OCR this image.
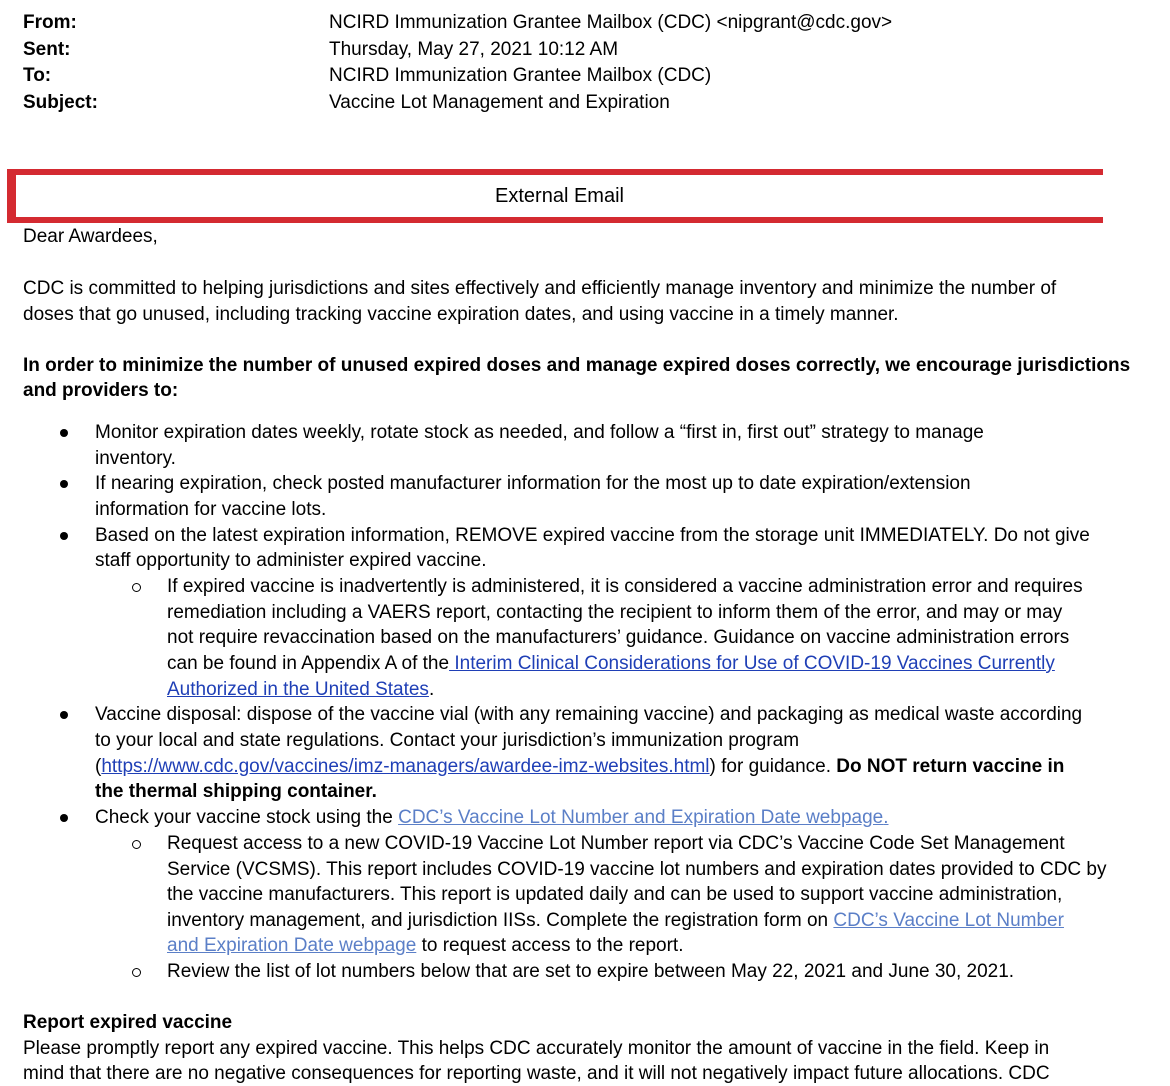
From:	NCIRD Immunization Grantee Mailbox (CDC) <nipgrant@cdc.gov>
Sent:	Thursday, May 27, 2021 10:12 AM
To:	NCIRD Immunization Grantee Mailbox (CDC)
Subject:	Vaccine Lot Management and Expiration
External Email
Dear Awardees,
CDC is committed to helping jurisdictions and sites effectively and efficiently manage inventory and minimize the number of
doses that go unused, including tracking vaccine expiration dates, and using vaccine in a timely manner.
In order to minimize the number of unused expired doses and manage expired doses correctly, we encourage jurisdictions
and providers to:
Monitor expiration dates weekly, rotate stock as needed, and follow a “first in, first out” strategy to manage
inventory.
If nearing expiration, check posted manufacturer information for the most up to date expiration/extension
information for vaccine lots.
Based on the latest expiration information, REMOVE expired vaccine from the storage unit IMMEDIATELY. Do not give
staff opportunity to administer expired vaccine.
If expired vaccine is inadvertently is administered, it is considered a vaccine administration error and requires
remediation including a VAERS report, contacting the recipient to inform them of the error, and may or may
not require revaccination based on the manufacturers’ guidance. Guidance on vaccine administration errors
can be found in Appendix A of the Interim Clinical Considerations for Use of COVID-19 Vaccines Currently
Authorized in the United States.
Vaccine disposal: dispose of the vaccine vial (with any remaining vaccine) and packaging as medical waste according
to your local and state regulations. Contact your jurisdiction’s immunization program
(https://www.cdc.gov/vaccines/imz-managers/awardee-imz-websites.html) for guidance. Do NOT return vaccine in
the thermal shipping container.
Check your vaccine stock using the CDC’s Vaccine Lot Number and Expiration Date webpage.
Request access to a new COVID-19 Vaccine Lot Number report via CDC’s Vaccine Code Set Management
Service (VCSMS). This report includes COVID-19 vaccine lot numbers and expiration dates provided to CDC by
the vaccine manufacturers. This report is updated daily and can be used to support vaccine administration,
inventory management, and jurisdiction IISs. Complete the registration form on CDC’s Vaccine Lot Number
and Expiration Date webpage to request access to the report.
Review the list of lot numbers below that are set to expire between May 22, 2021 and June 30, 2021.
Report expired vaccine
Please promptly report any expired vaccine. This helps CDC accurately monitor the amount of vaccine in the field. Keep in
mind that there are no negative consequences for reporting waste, and it will not negatively impact future allocations. CDC
